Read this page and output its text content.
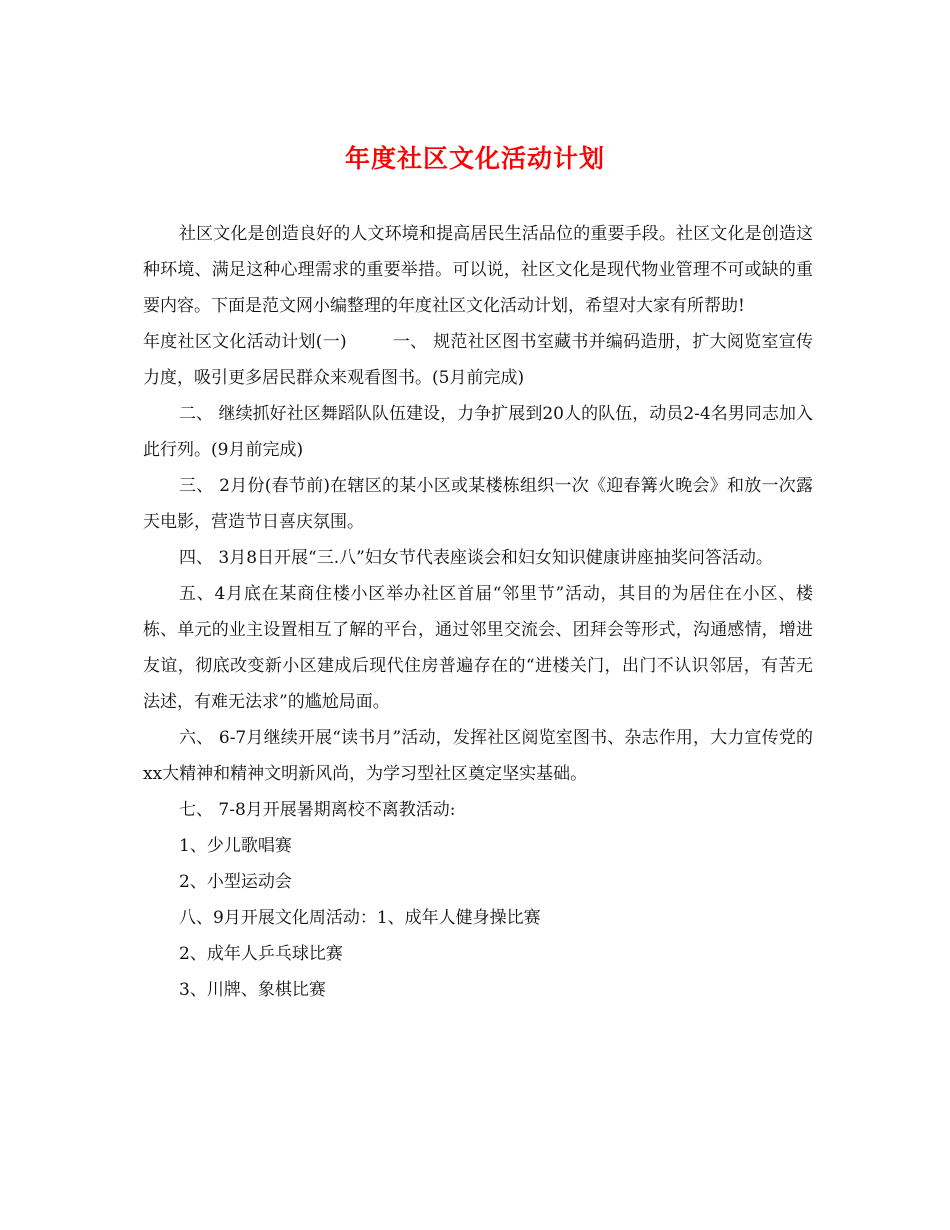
年度社区文化活动计划

社区文化是创造良好的人文环境和提高居民生活品位的重要手段。社区文化是创造这种环境、满足这种心理需求的重要举措。可以说，社区文化是现代物业管理不可或缺的重要内容。下面是范文网小编整理的年度社区文化活动计划，希望对大家有所帮助!

年度社区文化活动计划(一)	一、 规范社区图书室藏书并编码造册，扩大阅览室宣传力度，吸引更多居民群众来观看图书。(5月前完成)

二、 继续抓好社区舞蹈队队伍建设，力争扩展到20人的队伍，动员2-4名男同志加入此行列。(9月前完成)

三、 2月份(春节前)在辖区的某小区或某楼栋组织一次《迎春篝火晚会》和放一次露天电影，营造节日喜庆氛围。

四、 3月8日开展“三.八”妇女节代表座谈会和妇女知识健康讲座抽奖问答活动。

五、4月底在某商住楼小区举办社区首届“邻里节”活动，其目的为居住在小区、楼栋、单元的业主设置相互了解的平台，通过邻里交流会、团拜会等形式，沟通感情，增进友谊，彻底改变新小区建成后现代住房普遍存在的“进楼关门，出门不认识邻居，有苦无法述，有难无法求”的尴尬局面。

六、 6-7月继续开展“读书月”活动，发挥社区阅览室图书、杂志作用，大力宣传党的xx大精神和精神文明新风尚，为学习型社区奠定坚实基础。

七、 7-8月开展暑期离校不离教活动:

1、少儿歌唱赛

2、小型运动会

八、9月开展文化周活动：1、成年人健身操比赛

2、成年人乒乓球比赛

3、川牌、象棋比赛
